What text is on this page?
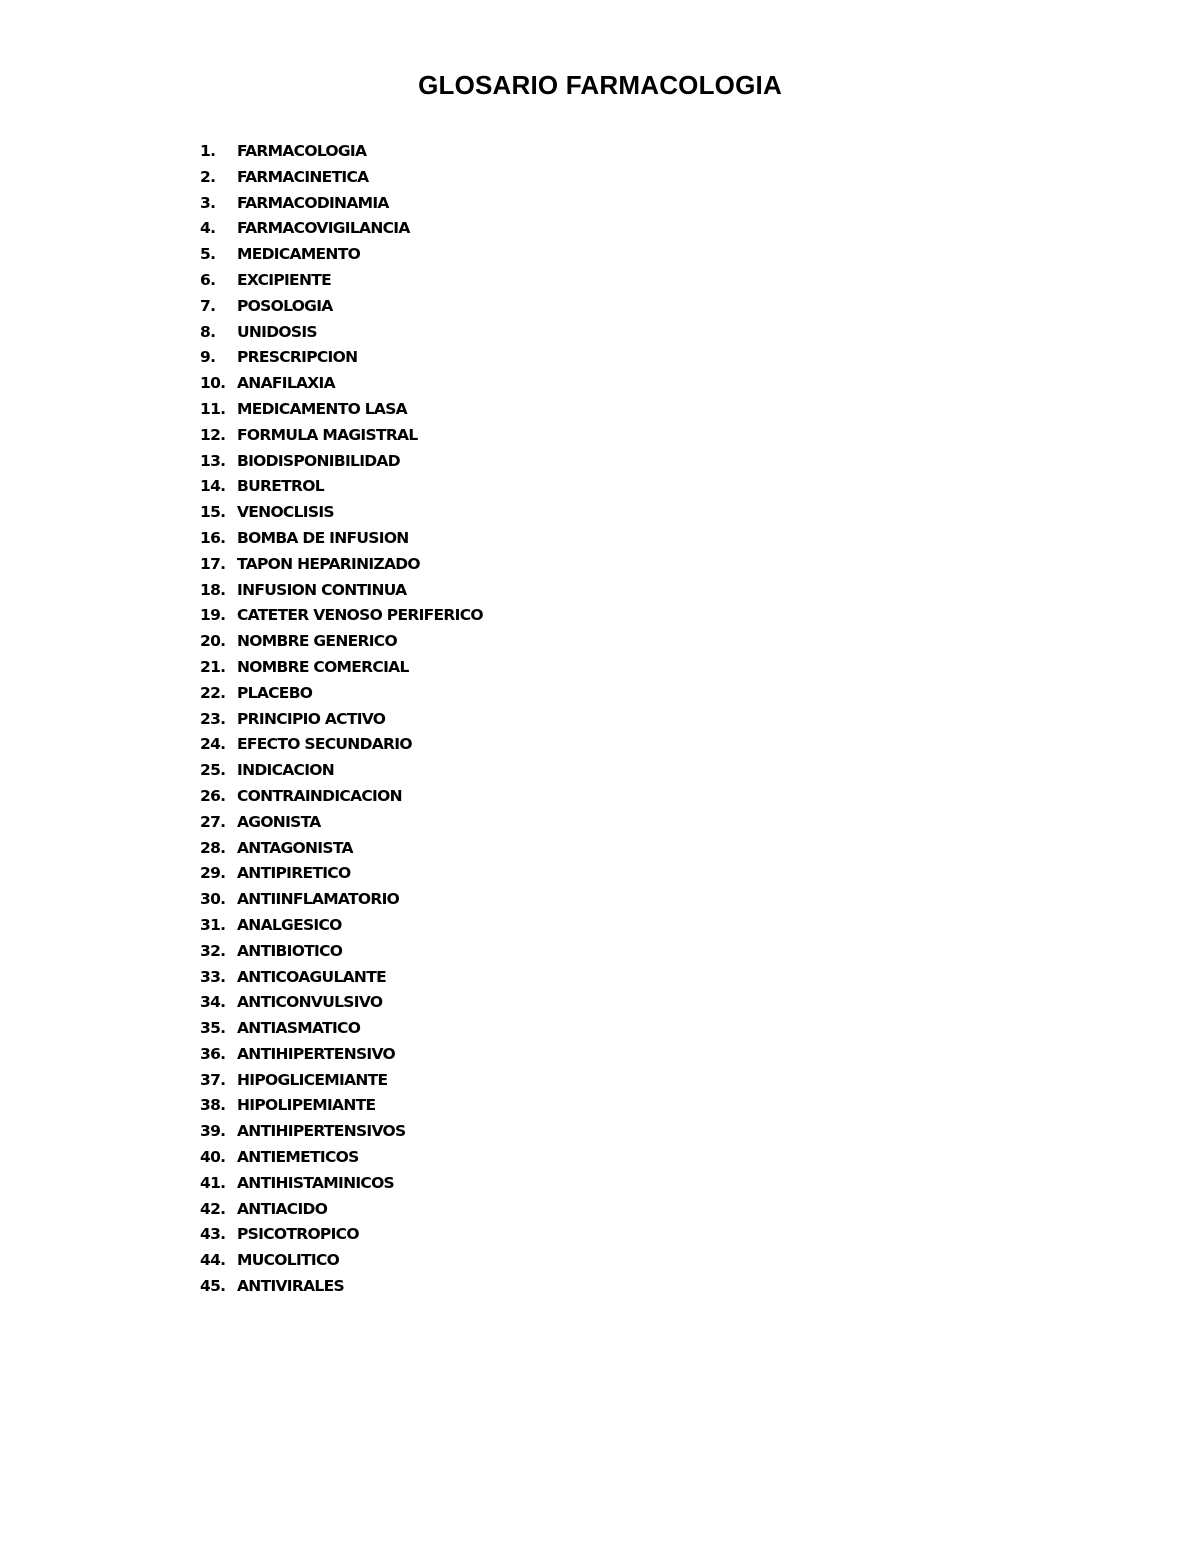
GLOSARIO FARMACOLOGIA
1.	FARMACOLOGIA
2.	FARMACINETICA
3.	FARMACODINAMIA
4.	FARMACOVIGILANCIA
5.	MEDICAMENTO
6.	EXCIPIENTE
7.	POSOLOGIA
8.	UNIDOSIS
9.	PRESCRIPCION
10. ANAFILAXIA
11. MEDICAMENTO LASA
12. FORMULA MAGISTRAL
13. BIODISPONIBILIDAD
14. BURETROL
15. VENOCLISIS
16. BOMBA DE INFUSION
17. TAPON HEPARINIZADO
18. INFUSION CONTINUA
19. CATETER VENOSO PERIFERICO
20. NOMBRE GENERICO
21. NOMBRE COMERCIAL
22. PLACEBO
23. PRINCIPIO ACTIVO
24. EFECTO SECUNDARIO
25. INDICACION
26. CONTRAINDICACION
27. AGONISTA
28. ANTAGONISTA
29. ANTIPIRETICO
30. ANTIINFLAMATORIO
31. ANALGESICO
32. ANTIBIOTICO
33. ANTICOAGULANTE
34. ANTICONVULSIVO
35. ANTIASMATICO
36. ANTIHIPERTENSIVO
37. HIPOGLICEMIANTE
38. HIPOLIPEMIANTE
39. ANTIHIPERTENSIVOS
40. ANTIEMETICOS
41. ANTIHISTAMINICOS
42. ANTIACIDO
43. PSICOTROPICO
44. MUCOLITICO
45. ANTIVIRALES
